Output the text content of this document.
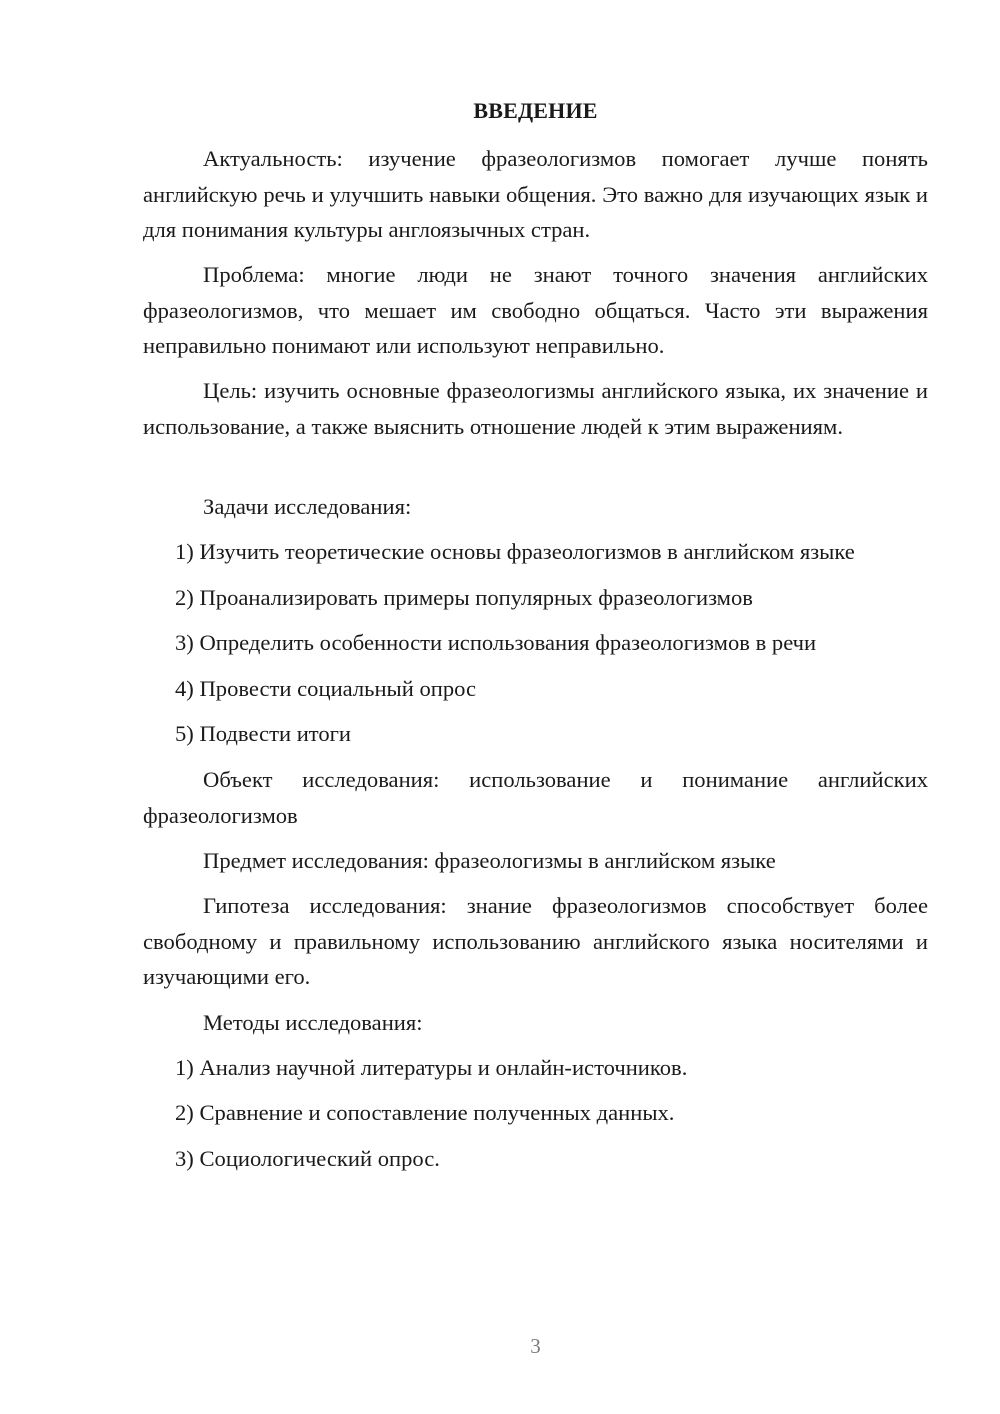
ВВЕДЕНИЕ

Актуальность: изучение фразеологизмов помогает лучше понять английскую речь и улучшить навыки общения. Это важно для изучающих язык и для понимания культуры англоязычных стран.

Проблема: многие люди не знают точного значения английских фразеологизмов, что мешает им свободно общаться. Часто эти выражения неправильно понимают или используют неправильно.

Цель: изучить основные фразеологизмы английского языка, их значение и использование, а также выяснить отношение людей к этим выражениям.

Задачи исследования:

1) Изучить теоретические основы фразеологизмов в английском языке

2) Проанализировать примеры популярных фразеологизмов

3) Определить особенности использования фразеологизмов в речи

4) Провести социальный опрос

5) Подвести итоги

Объект исследования: использование и понимание английских фразеологизмов

Предмет исследования: фразеологизмы в английском языке

Гипотеза исследования: знание фразеологизмов способствует более свободному и правильному использованию английского языка носителями и изучающими его.

Методы исследования:

1) Анализ научной литературы и онлайн-источников.

2) Сравнение и сопоставление полученных данных.

3) Социологический опрос.

3
